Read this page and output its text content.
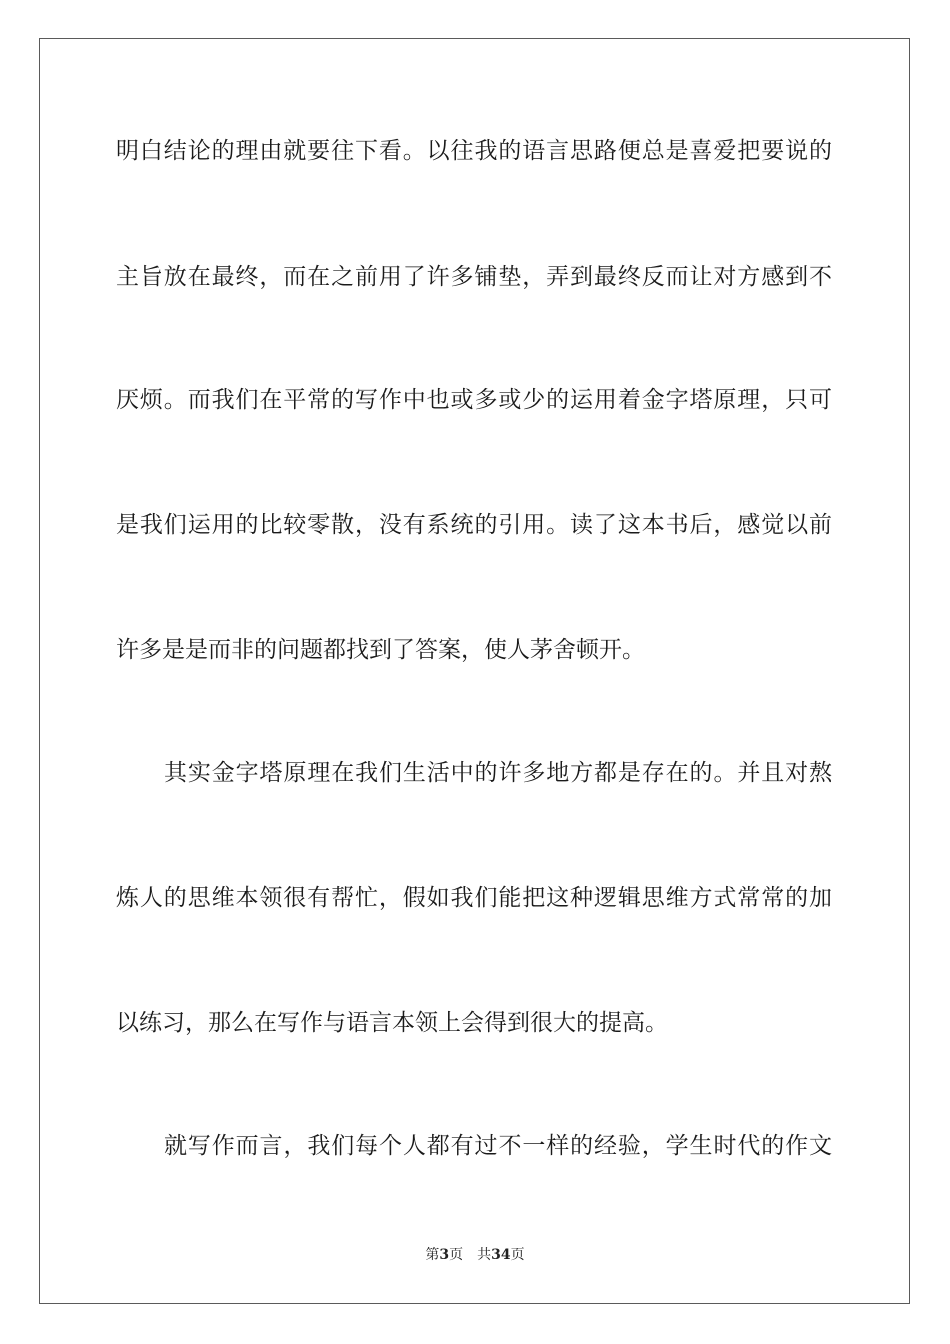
明白结论的理由就要往下看。以往我的语言思路便总是喜爱把要说的
主旨放在最终，而在之前用了许多铺垫，弄到最终反而让对方感到不
厌烦。而我们在平常的写作中也或多或少的运用着金字塔原理，只可
是我们运用的比较零散，没有系统的引用。读了这本书后，感觉以前
许多是是而非的问题都找到了答案，使人茅舍顿开。
其实金字塔原理在我们生活中的许多地方都是存在的。并且对熬
炼人的思维本领很有帮忙，假如我们能把这种逻辑思维方式常常的加
以练习，那么在写作与语言本领上会得到很大的提高。
就写作而言，我们每个人都有过不一样的经验，学生时代的作文
第3页 共34页
